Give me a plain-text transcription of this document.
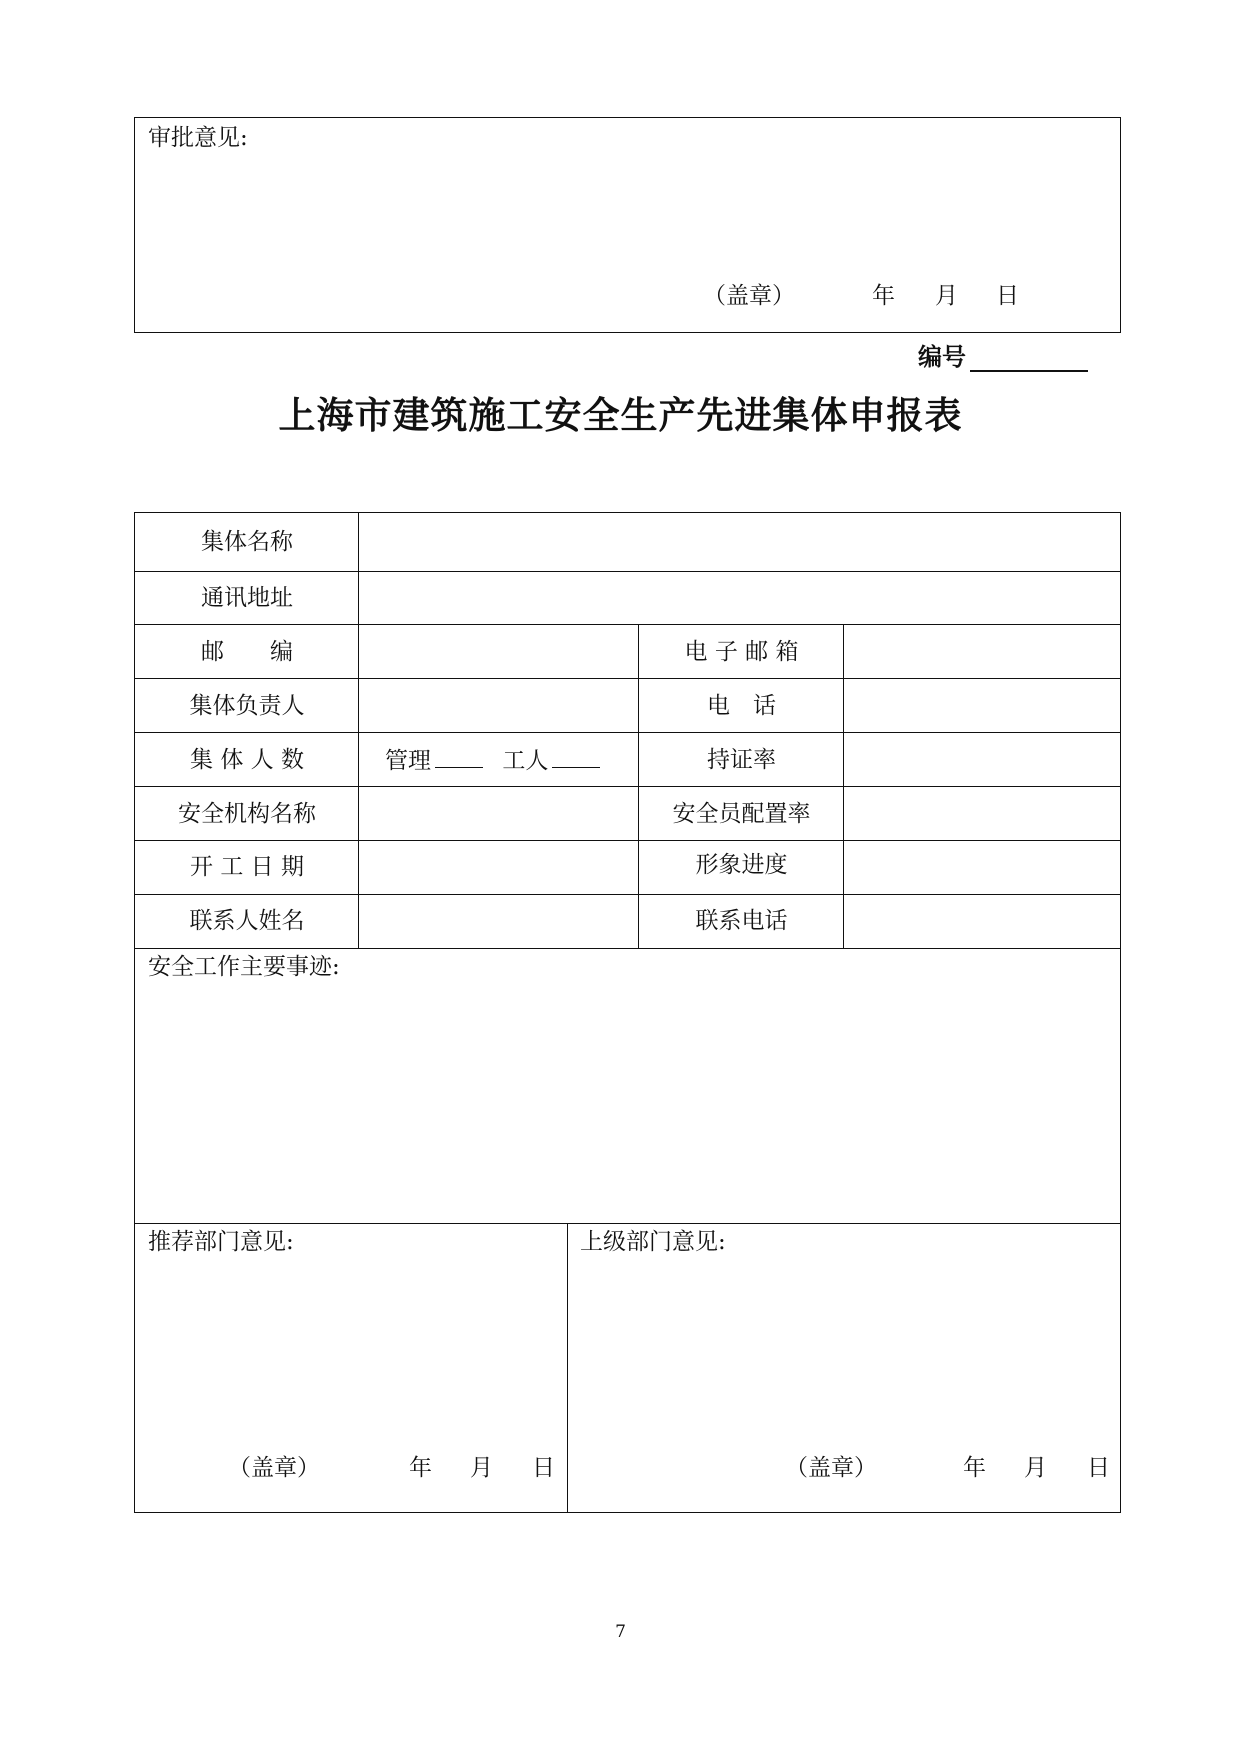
审批意见:
（盖章）	年 月 日
编号
上海市建筑施工安全生产先进集体申报表
集体名称
通讯地址
邮　　编	电 子 邮 箱
集体负责人	电　话
集 体 人 数	管理	工人	持证率
安全机构名称	安全员配置率
开 工 日 期	形象进度
联系人姓名	联系电话
安全工作主要事迹:
推荐部门意见:
（盖章）	年 月 日
上级部门意见:
（盖章）	年 月 日
7
